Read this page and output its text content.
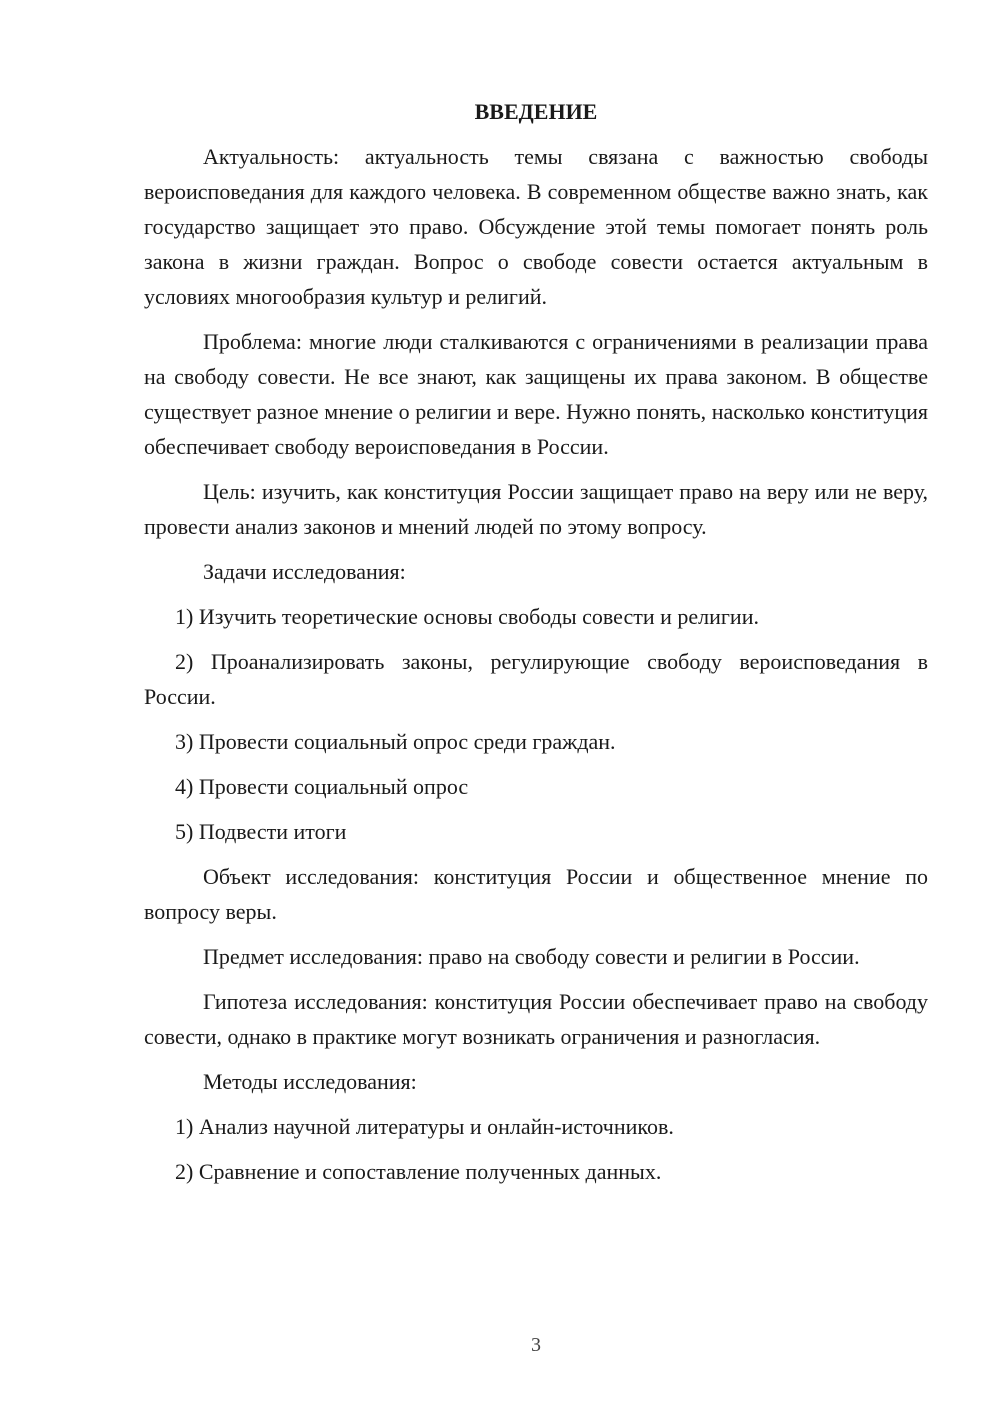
ВВЕДЕНИЕ
Актуальность: актуальность темы связана с важностью свободы вероисповедания для каждого человека. В современном обществе важно знать, как государство защищает это право. Обсуждение этой темы помогает понять роль закона в жизни граждан. Вопрос о свободе совести остается актуальным в условиях многообразия культур и религий.
Проблема: многие люди сталкиваются с ограничениями в реализации права на свободу совести. Не все знают, как защищены их права законом. В обществе существует разное мнение о религии и вере. Нужно понять, насколько конституция обеспечивает свободу вероисповедания в России.
Цель: изучить, как конституция России защищает право на веру или не веру, провести анализ законов и мнений людей по этому вопросу.
Задачи исследования:
1) Изучить теоретические основы свободы совести и религии.
2) Проанализировать законы, регулирующие свободу вероисповедания в России.
3) Провести социальный опрос среди граждан.
4) Провести социальный опрос
5) Подвести итоги
Объект исследования: конституция России и общественное мнение по вопросу веры.
Предмет исследования: право на свободу совести и религии в России.
Гипотеза исследования: конституция России обеспечивает право на свободу совести, однако в практике могут возникать ограничения и разногласия.
Методы исследования:
1) Анализ научной литературы и онлайн-источников.
2) Сравнение и сопоставление полученных данных.
3
